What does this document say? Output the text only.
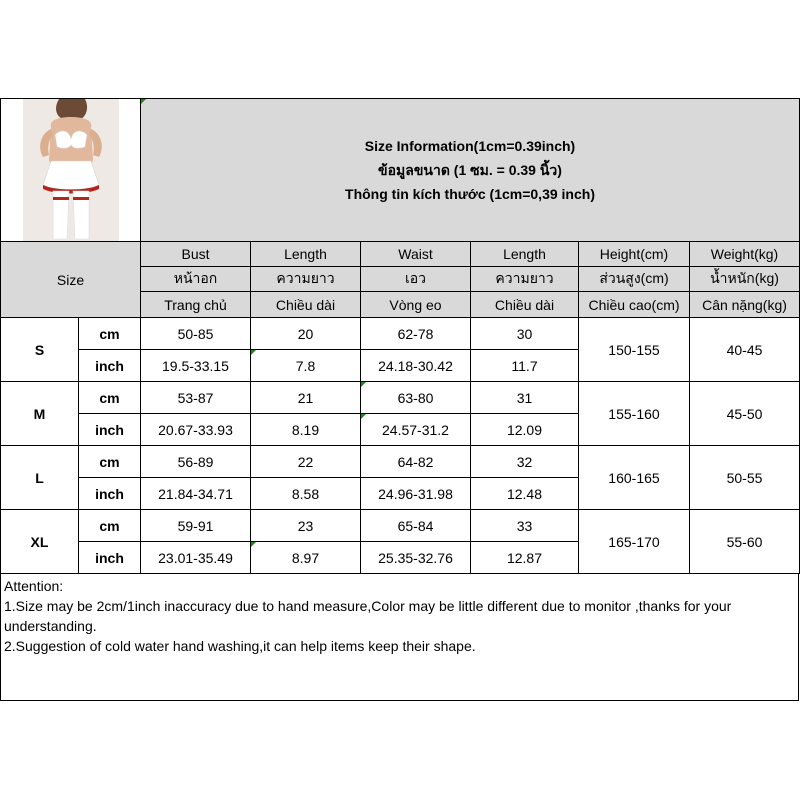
Size Information(1cm=0.39inch)
ข้อมูลขนาด (1 ซม. = 0.39 นิ้ว)
Thông tin kích thước (1cm=0,39 inch)					

Size		Bust	Length	Waist	Length	Height(cm)	Weight(kg)
		หน้าอก	ความยาว	เอว	ความยาว	ส่วนสูง(cm)	น้ำหนัก(kg)
		Trang chủ	Chiều dài	Vòng eo	Chiều dài	Chiều cao(cm)	Cân nặng(kg)
S	cm	50-85	20	62-78	30	150-155	40-45
	inch	19.5-33.15	7.8	24.18-30.42	11.7		
M	cm	53-87	21	63-80	31	155-160	45-50
	inch	20.67-33.93	8.19	24.57-31.2	12.09		
L	cm	56-89	22	64-82	32	160-165	50-55
	inch	21.84-34.71	8.58	24.96-31.98	12.48		
XL	cm	59-91	23	65-84	33	165-170	55-60
	inch	23.01-35.49	8.97	25.35-32.76	12.87		

Attention:

1.Size may be 2cm/1inch inaccuracy due to hand measure,Color may be little different due to monitor ,thanks for your understanding.

2.Suggestion of cold water hand washing,it can help items keep their shape.
